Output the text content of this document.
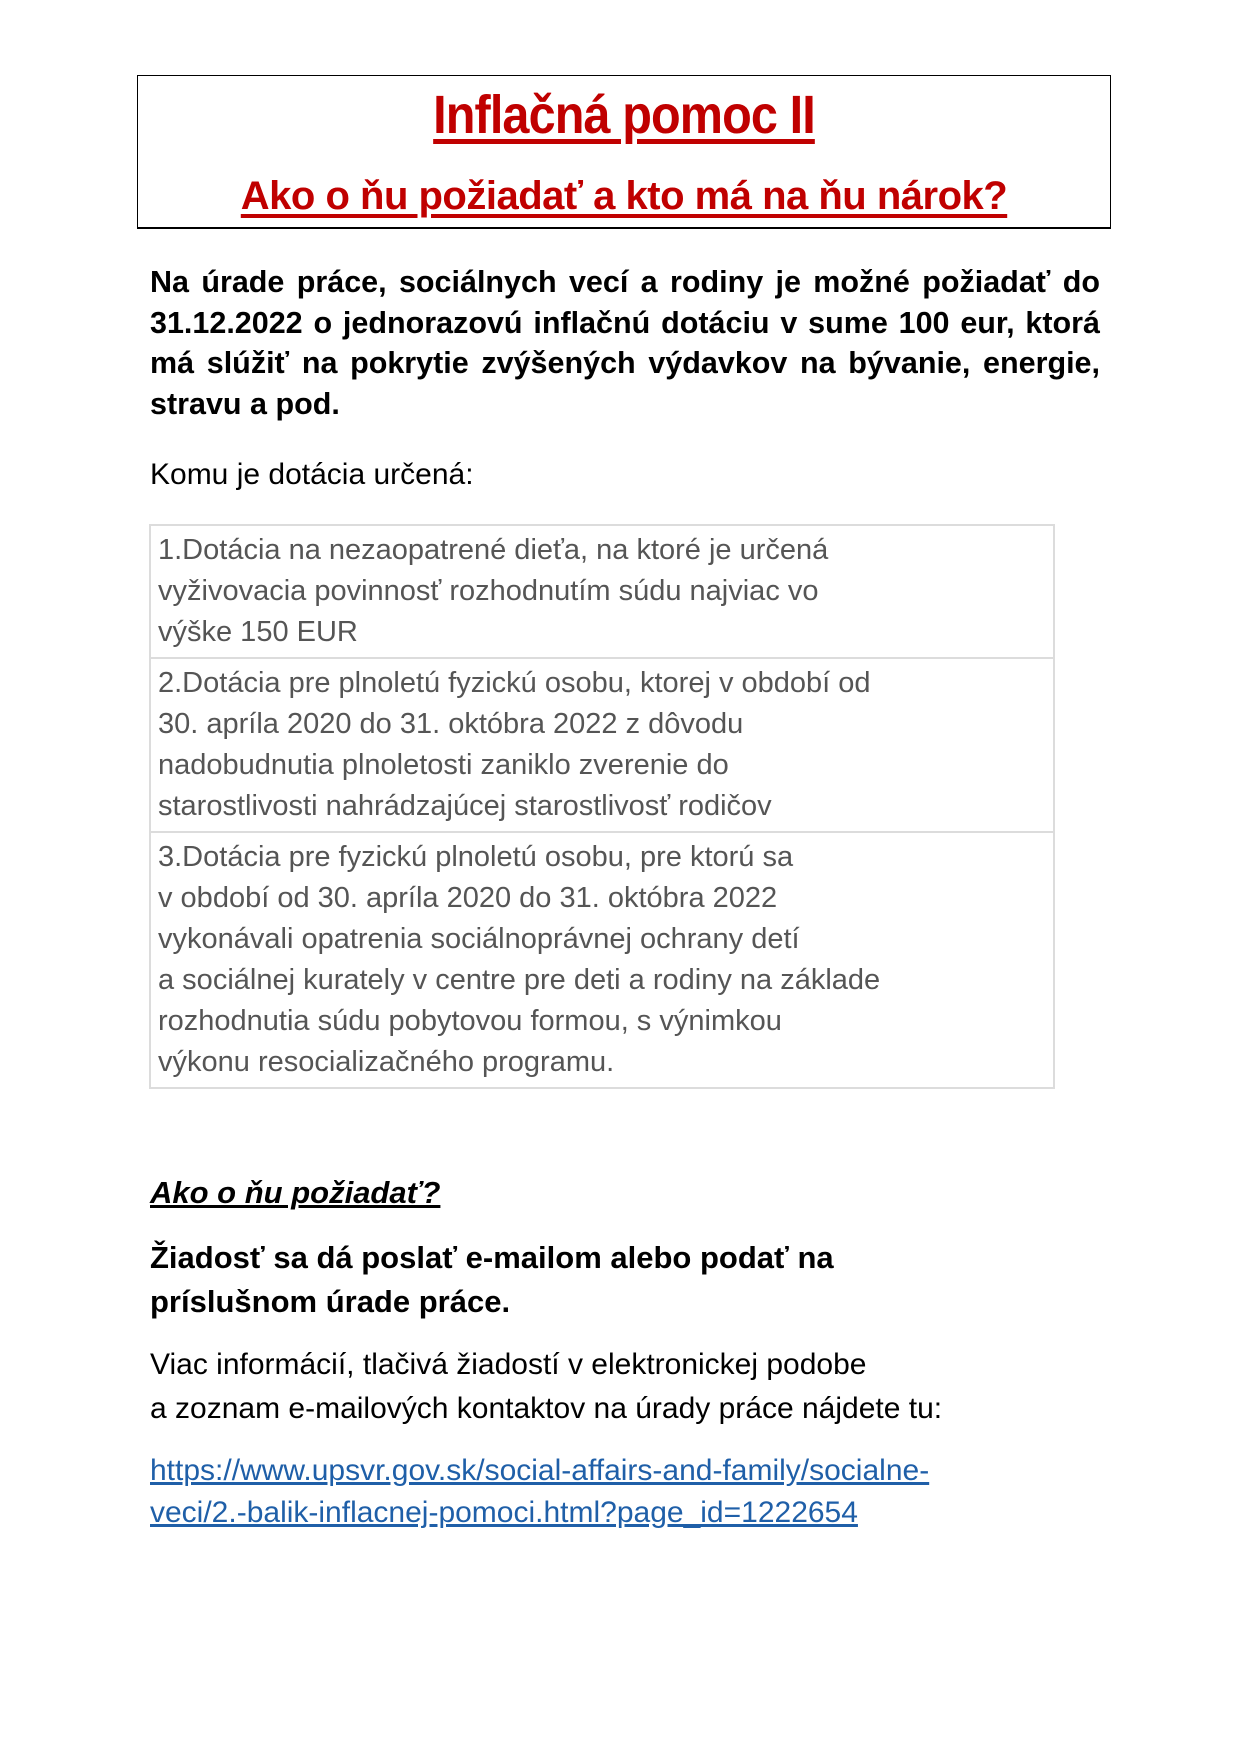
Inflačná pomoc II
Ako o ňu požiadať a kto má na ňu nárok?
Na úrade práce, sociálnych vecí a rodiny je možné požiadať do 31.12.2022 o jednorazovú inflačnú dotáciu v sume 100 eur, ktorá má slúžiť na pokrytie zvýšených výdavkov na bývanie, energie, stravu a pod.
Komu je dotácia určená:
1.Dotácia na nezaopatrené dieťa, na ktoré je určená
vyživovacia povinnosť rozhodnutím súdu najviac vo
výške 150 EUR
2.Dotácia pre plnoletú fyzickú osobu, ktorej v období od
30. apríla 2020 do 31. októbra 2022 z dôvodu
nadobudnutia plnoletosti zaniklo zverenie do
starostlivosti nahrádzajúcej starostlivosť rodičov
3.Dotácia pre fyzickú plnoletú osobu, pre ktorú sa
v období od 30. apríla 2020 do 31. októbra 2022
vykonávali opatrenia sociálnoprávnej ochrany detí
a sociálnej kurately v centre pre deti a rodiny na základe
rozhodnutia súdu pobytovou formou, s výnimkou
výkonu resocializačného programu.
Ako o ňu požiadať?
Žiadosť sa dá poslať e-mailom alebo podať na
príslušnom úrade práce.
Viac informácií, tlačivá žiadostí v elektronickej podobe
a zoznam e-mailových kontaktov na úrady práce nájdete tu:
https://www.upsvr.gov.sk/social-affairs-and-family/socialne-
veci/2.-balik-inflacnej-pomoci.html?page_id=1222654
